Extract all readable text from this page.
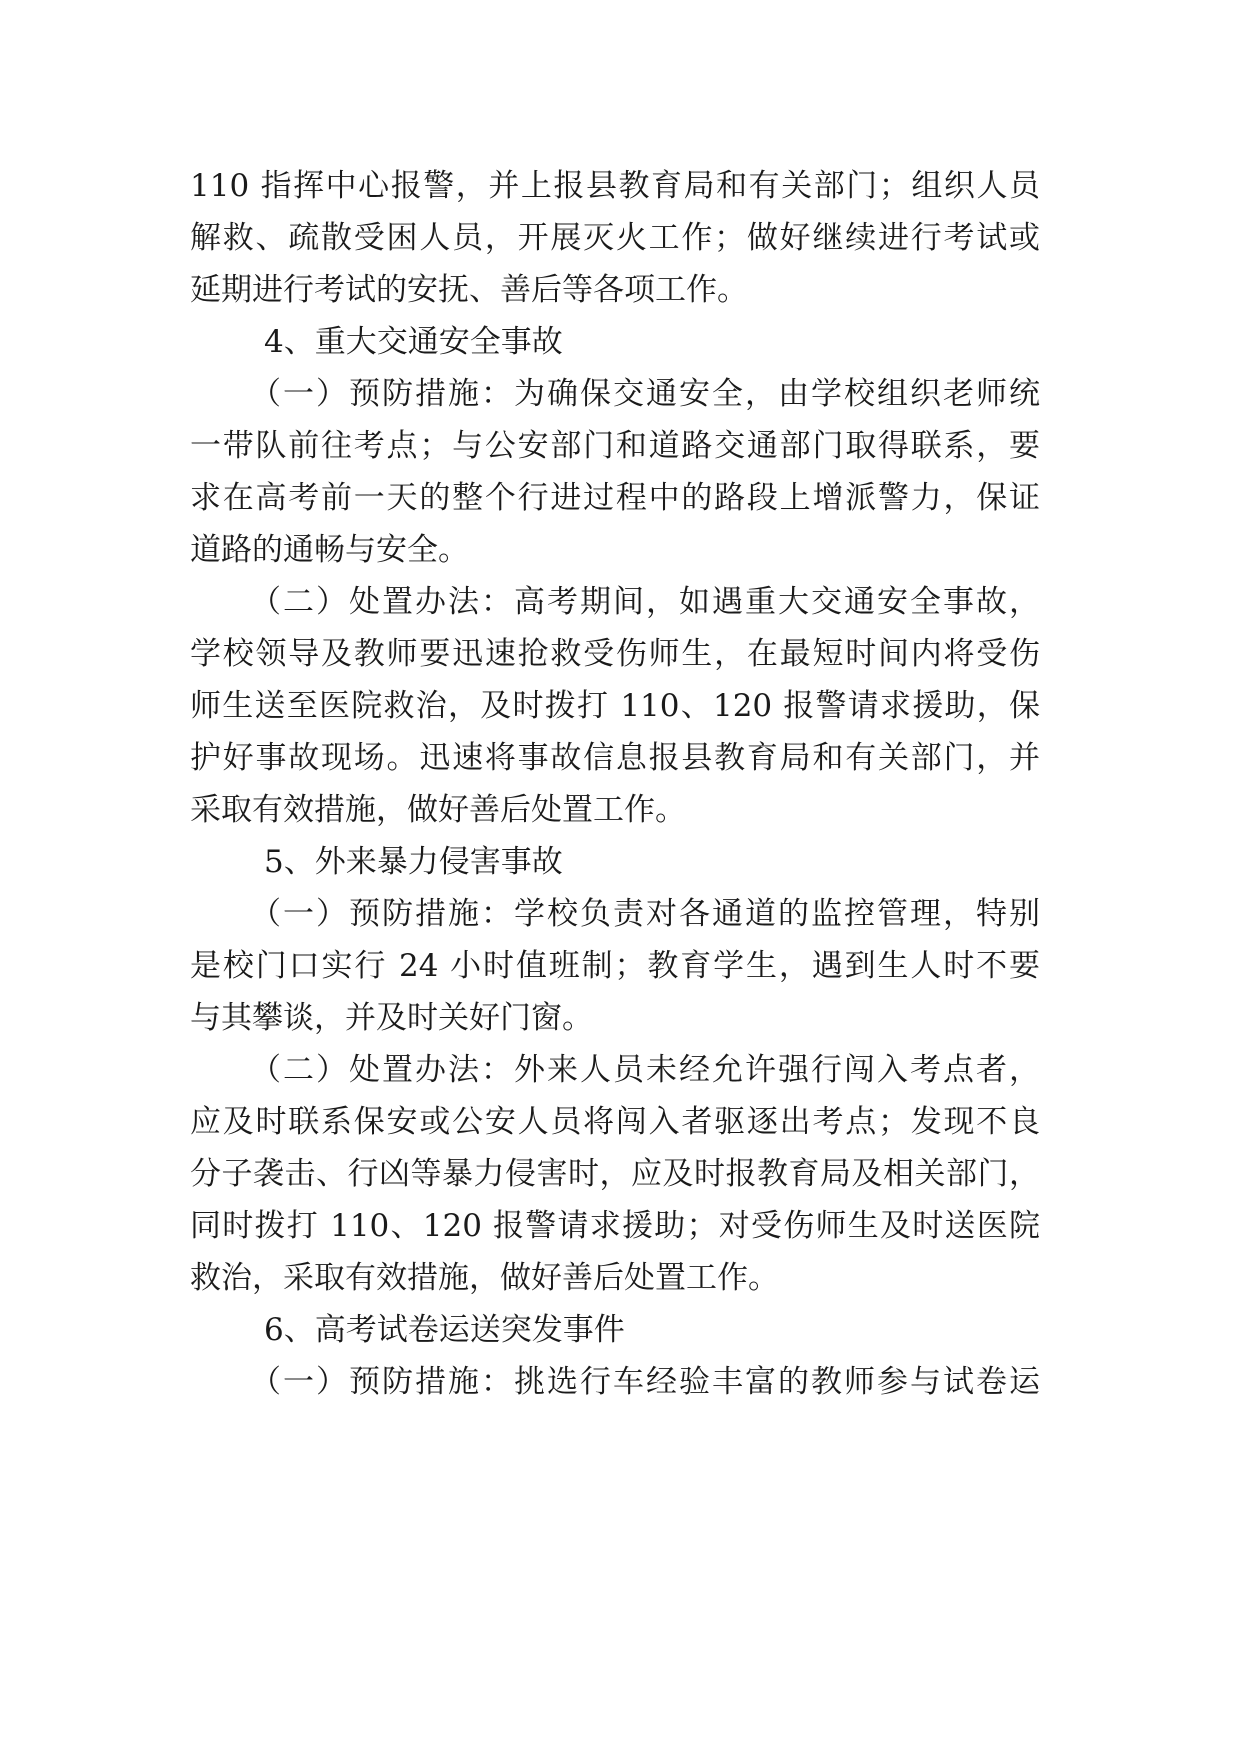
110 指挥中心报警，并上报县教育局和有关部门；组织人员
解救、疏散受困人员，开展灭火工作；做好继续进行考试或
延期进行考试的安抚、善后等各项工作。
4、重大交通安全事故
（一）预防措施：为确保交通安全，由学校组织老师统
一带队前往考点；与公安部门和道路交通部门取得联系，要
求在高考前一天的整个行进过程中的路段上增派警力，保证
道路的通畅与安全。
（二）处置办法：高考期间，如遇重大交通安全事故，
学校领导及教师要迅速抢救受伤师生，在最短时间内将受伤
师生送至医院救治，及时拨打 110、120 报警请求援助，保
护好事故现场。迅速将事故信息报县教育局和有关部门，并
采取有效措施，做好善后处置工作。
5、外来暴力侵害事故
（一）预防措施：学校负责对各通道的监控管理，特别
是校门口实行 24 小时值班制；教育学生，遇到生人时不要
与其攀谈，并及时关好门窗。
（二）处置办法：外来人员未经允许强行闯入考点者，
应及时联系保安或公安人员将闯入者驱逐出考点；发现不良
分子袭击、行凶等暴力侵害时，应及时报教育局及相关部门，
同时拨打 110、120 报警请求援助；对受伤师生及时送医院
救治，采取有效措施，做好善后处置工作。
6、高考试卷运送突发事件
（一）预防措施：挑选行车经验丰富的教师参与试卷运
